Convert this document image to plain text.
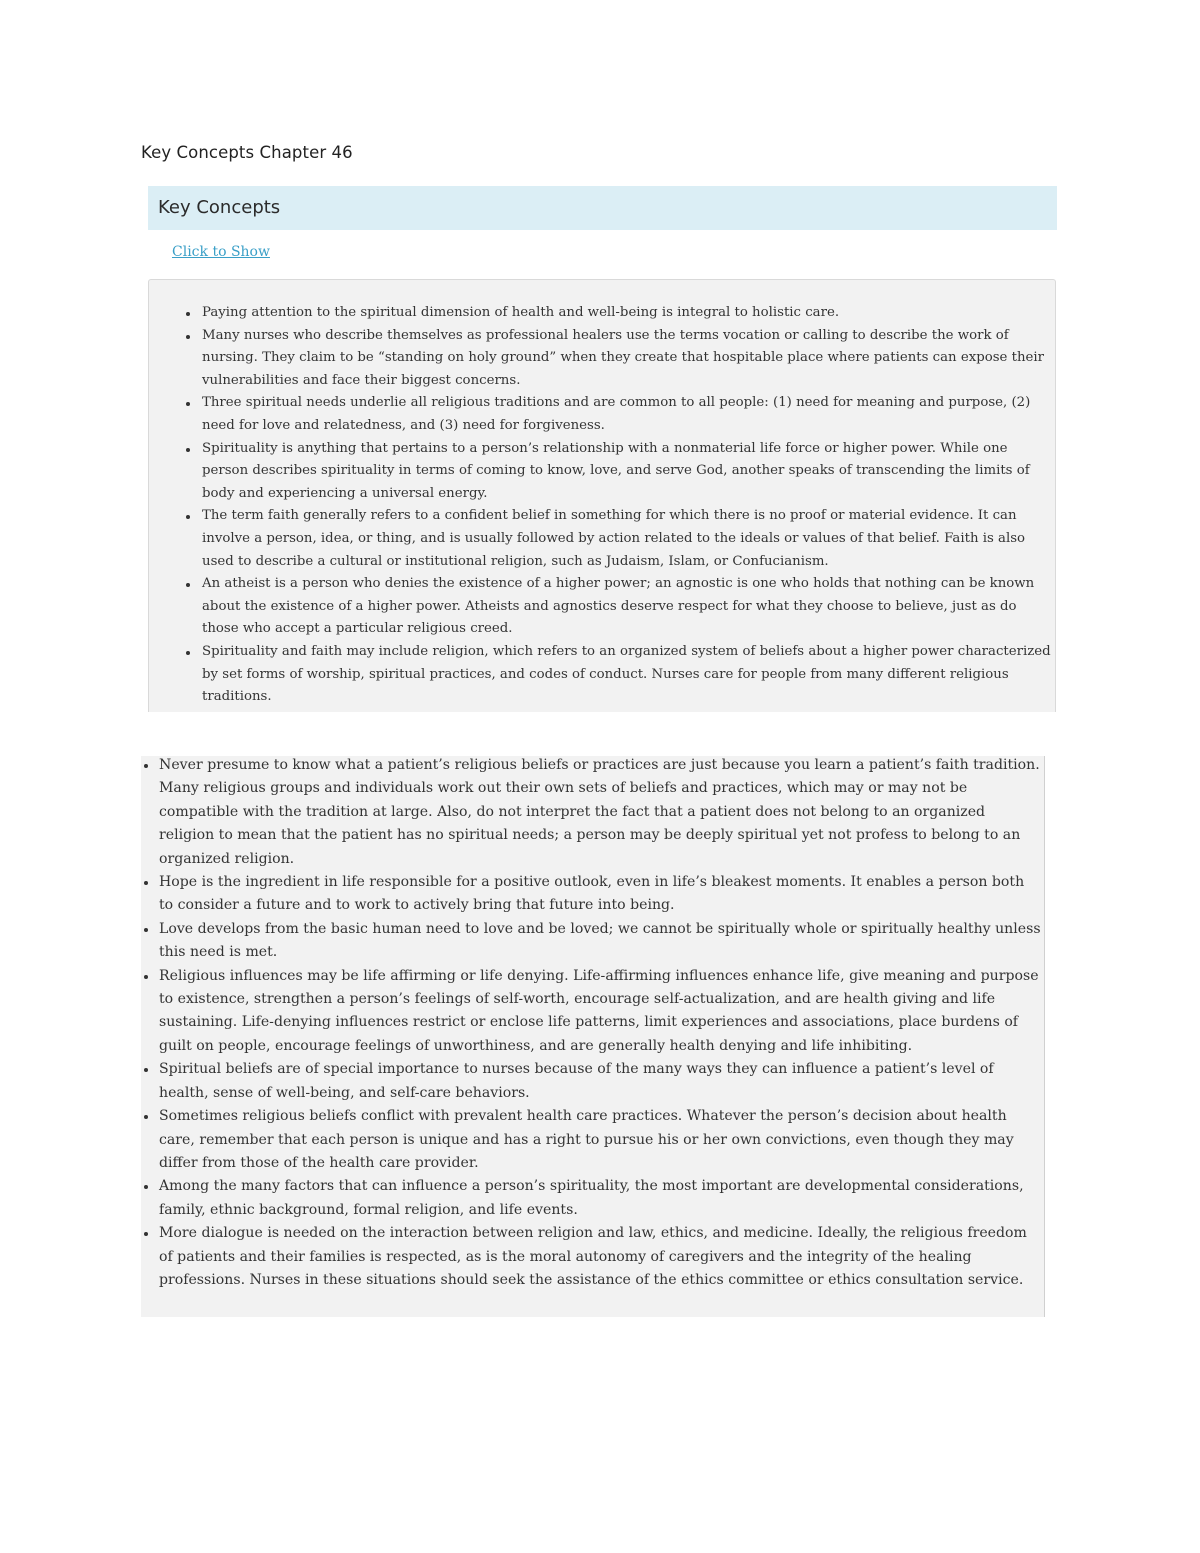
Key Concepts Chapter 46
Key Concepts
Click to Show
Paying attention to the spiritual dimension of health and well-being is integral to holistic care.
Many nurses who describe themselves as professional healers use the terms vocation or calling to describe the work of nursing. They claim to be “standing on holy ground” when they create that hospitable place where patients can expose their vulnerabilities and face their biggest concerns.
Three spiritual needs underlie all religious traditions and are common to all people: (1) need for meaning and purpose, (2) need for love and relatedness, and (3) need for forgiveness.
Spirituality is anything that pertains to a person’s relationship with a nonmaterial life force or higher power. While one person describes spirituality in terms of coming to know, love, and serve God, another speaks of transcending the limits of body and experiencing a universal energy.
The term faith generally refers to a confident belief in something for which there is no proof or material evidence. It can involve a person, idea, or thing, and is usually followed by action related to the ideals or values of that belief. Faith is also used to describe a cultural or institutional religion, such as Judaism, Islam, or Confucianism.
An atheist is a person who denies the existence of a higher power; an agnostic is one who holds that nothing can be known about the existence of a higher power. Atheists and agnostics deserve respect for what they choose to believe, just as do those who accept a particular religious creed.
Spirituality and faith may include religion, which refers to an organized system of beliefs about a higher power characterized by set forms of worship, spiritual practices, and codes of conduct. Nurses care for people from many different religious traditions.
Never presume to know what a patient’s religious beliefs or practices are just because you learn a patient’s faith tradition. Many religious groups and individuals work out their own sets of beliefs and practices, which may or may not be compatible with the tradition at large. Also, do not interpret the fact that a patient does not belong to an organized religion to mean that the patient has no spiritual needs; a person may be deeply spiritual yet not profess to belong to an organized religion.
Hope is the ingredient in life responsible for a positive outlook, even in life’s bleakest moments. It enables a person both to consider a future and to work to actively bring that future into being.
Love develops from the basic human need to love and be loved; we cannot be spiritually whole or spiritually healthy unless this need is met.
Religious influences may be life affirming or life denying. Life-affirming influences enhance life, give meaning and purpose to existence, strengthen a person’s feelings of self-worth, encourage self-actualization, and are health giving and life sustaining. Life-denying influences restrict or enclose life patterns, limit experiences and associations, place burdens of guilt on people, encourage feelings of unworthiness, and are generally health denying and life inhibiting.
Spiritual beliefs are of special importance to nurses because of the many ways they can influence a patient’s level of health, sense of well-being, and self-care behaviors.
Sometimes religious beliefs conflict with prevalent health care practices. Whatever the person’s decision about health care, remember that each person is unique and has a right to pursue his or her own convictions, even though they may differ from those of the health care provider.
Among the many factors that can influence a person’s spirituality, the most important are developmental considerations, family, ethnic background, formal religion, and life events.
More dialogue is needed on the interaction between religion and law, ethics, and medicine. Ideally, the religious freedom of patients and their families is respected, as is the moral autonomy of caregivers and the integrity of the healing professions. Nurses in these situations should seek the assistance of the ethics committee or ethics consultation service.
